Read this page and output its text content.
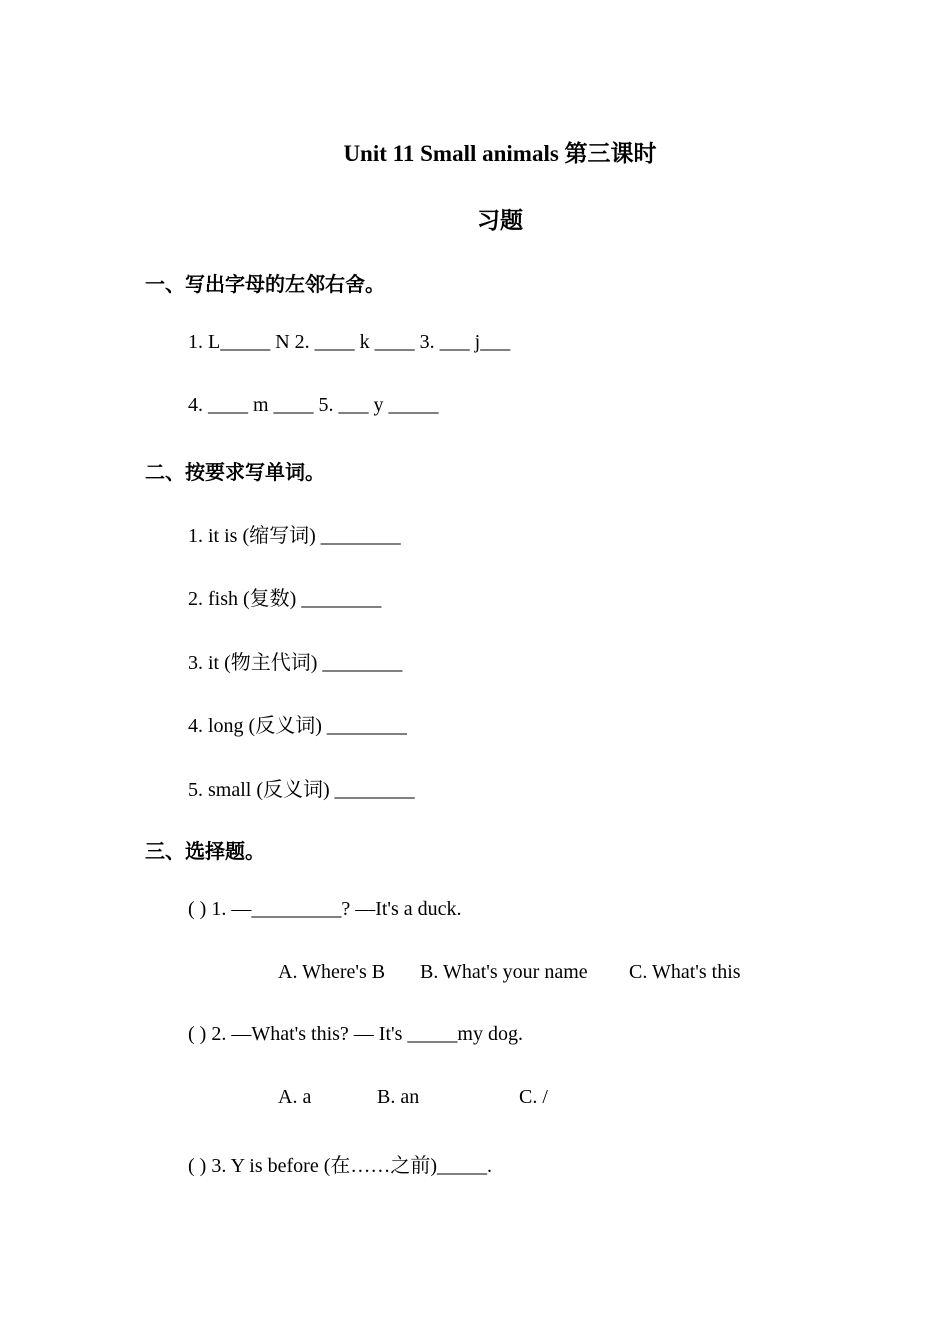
Unit 11 Small animals 第三课时
习题
一、写出字母的左邻右舍。
1. L_____ N 2. ____ k ____ 3. ___ j___
4. ____ m ____ 5. ___ y _____
二、按要求写单词。
1. it is (缩写词) ________
2. fish (复数) ________
3. it (物主代词) ________
4. long (反义词) ________
5. small (反义词) ________
三、选择题。
( ) 1. —_________? —It's a duck.
A. Where's B B. What's your name C. What's this
( ) 2. —What's this? — It's _____my dog.
A. a	B. an	C. /
( ) 3. Y is before (在……之前)_____.
